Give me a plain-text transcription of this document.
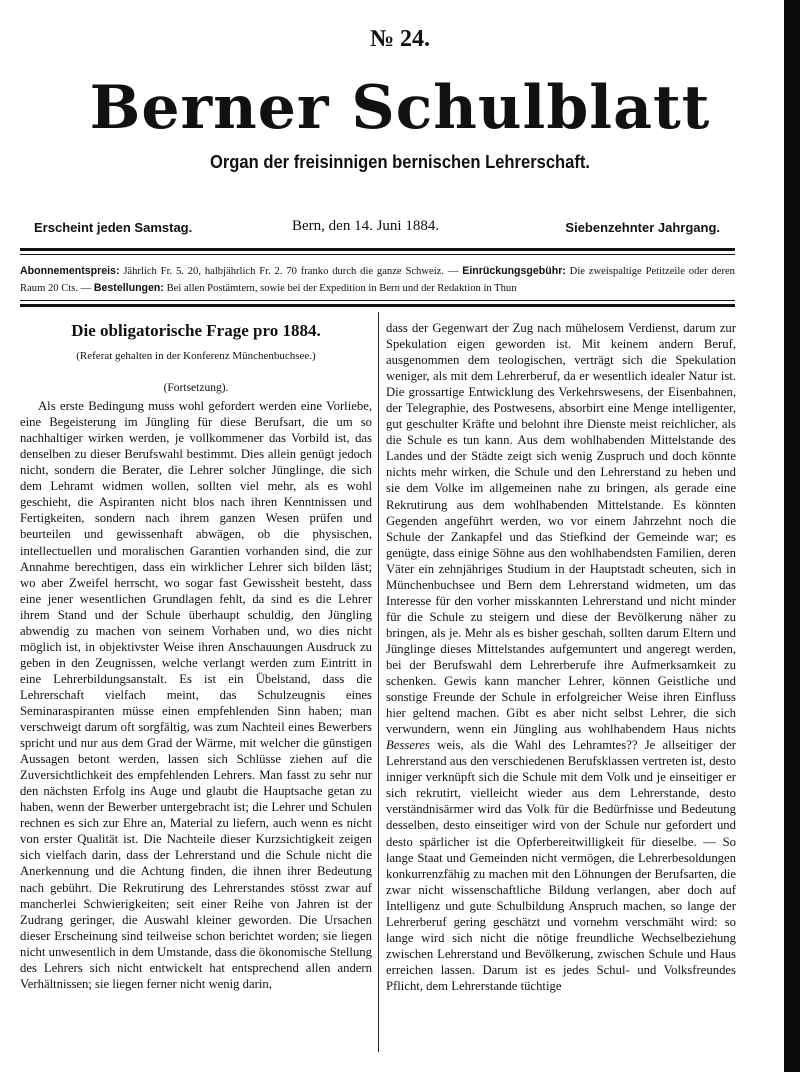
№ 24.
Berner Schulblatt
Organ der freisinnigen bernischen Lehrerschaft.
Erscheint jeden Samstag.	Bern, den 14. Juni 1884.	Siebenzehnter Jahrgang.
Abonnementspreis: Jährlich Fr. 5. 20, halbjährlich Fr. 2. 70 franko durch die ganze Schweiz. — Einrückungsgebühr: Die zweispaltige Petitzeile oder deren Raum 20 Cts. — Bestellungen: Bei allen Postämtern, sowie bei der Expedition in Bern und der Redaktion in Thun

Die obligatorische Frage pro 1884.

(Referat gehalten in der Konferenz Münchenbuchsee.)

(Fortsetzung).

Als erste Bedingung muss wohl gefordert werden eine Vorliebe, eine Begeisterung im Jüngling für diese Berufsart, die um so nachhaltiger wirken werden, je vollkommener das Vorbild ist, das denselben zu dieser Berufswahl bestimmt. Dies allein genügt jedoch nicht, sondern die Berater, die Lehrer solcher Jünglinge, die sich dem Lehramt widmen wollen, sollten viel mehr, als es wohl geschieht, die Aspiranten nicht blos nach ihren Kenntnissen und Fertigkeiten, sondern nach ihrem ganzen Wesen prüfen und beurteilen und gewissenhaft abwägen, ob die physischen, intellectuellen und moralischen Garantien vorhanden sind, die zur Annahme berechtigen, dass ein wirklicher Lehrer sich bilden läst; wo aber Zweifel herrscht, wo sogar fast Gewissheit besteht, dass eine jener wesentlichen Grundlagen fehlt, da sind es die Lehrer ihrem Stand und der Schule überhaupt schuldig, den Jüngling abwendig zu machen von seinem Vorhaben und, wo dies nicht möglich ist, in objektivster Weise ihren Anschauungen Ausdruck zu geben in den Zeugnissen, welche verlangt werden zum Eintritt in eine Lehrerbildungsanstalt. Es ist ein Übelstand, dass die Lehrerschaft vielfach meint, das Schulzeugnis eines Seminaraspiranten müsse einen empfehlenden Sinn haben; man verschweigt darum oft sorgfältig, was zum Nachteil eines Bewerbers spricht und nur aus dem Grad der Wärme, mit welcher die günstigen Aussagen betont werden, lassen sich Schlüsse ziehen auf die Zuversichtlichkeit des empfehlenden Lehrers. Man fasst zu sehr nur den nächsten Erfolg ins Auge und glaubt die Hauptsache getan zu haben, wenn der Bewerber untergebracht ist; die Lehrer und Schulen rechnen es sich zur Ehre an, Material zu liefern, auch wenn es nicht von erster Qualität ist. Die Nachteile dieser Kurzsichtigkeit zeigen sich vielfach darin, dass der Lehrerstand und die Schule nicht die Anerkennung und die Achtung finden, die ihnen ihrer Bedeutung nach gebührt. Die Rekrutirung des Lehrerstandes stösst zwar auf mancherlei Schwierigkeiten; seit einer Reihe von Jahren ist der Zudrang geringer, die Auswahl kleiner geworden. Die Ursachen dieser Erscheinung sind teilweise schon berichtet worden; sie liegen nicht unwesentlich in dem Umstande, dass die ökonomische Stellung des Lehrers sich nicht entwickelt hat entsprechend allen andern Verhältnissen; sie liegen ferner nicht wenig darin,

dass der Gegenwart der Zug nach mühelosem Verdienst, darum zur Spekulation eigen geworden ist. Mit keinem andern Beruf, ausgenommen dem teologischen, verträgt sich die Spekulation weniger, als mit dem Lehrerberuf, da er wesentlich idealer Natur ist. Die grossartige Entwicklung des Verkehrswesens, der Eisenbahnen, der Telegraphie, des Postwesens, absorbirt eine Menge intelligenter, gut geschulter Kräfte und belohnt ihre Dienste meist reichlicher, als die Schule es tun kann. Aus dem wohlhabenden Mittelstande des Landes und der Städte zeigt sich wenig Zuspruch und doch könnte nichts mehr wirken, die Schule und den Lehrerstand zu heben und sie dem Volke im allgemeinen nahe zu bringen, als gerade eine Rekrutirung aus dem wohlhabenden Mittelstande. Es könnten Gegenden angeführt werden, wo vor einem Jahrzehnt noch die Schule der Zankapfel und das Stiefkind der Gemeinde war; es genügte, dass einige Söhne aus den wohlhabendsten Familien, deren Väter ein zehnjähriges Studium in der Hauptstadt scheuten, sich in Münchenbuchsee und Bern dem Lehrerstand widmeten, um das Interesse für den vorher misskannten Lehrerstand und nicht minder für die Schule zu steigern und diese der Bevölkerung näher zu bringen, als je. Mehr als es bisher geschah, sollten darum Eltern und Jünglinge dieses Mittelstandes aufgemuntert und angeregt werden, bei der Berufswahl dem Lehrerberufe ihre Aufmerksamkeit zu schenken. Gewis kann mancher Lehrer, können Geistliche und sonstige Freunde der Schule in erfolgreicher Weise ihren Einfluss hier geltend machen. Gibt es aber nicht selbst Lehrer, die sich verwundern, wenn ein Jüngling aus wohlhabendem Haus nichts Besseres weis, als die Wahl des Lehramtes?? Je allseitiger der Lehrerstand aus den verschiedenen Berufsklassen vertreten ist, desto inniger verknüpft sich die Schule mit dem Volk und je einseitiger er sich rekrutirt, vielleicht wieder aus dem Lehrerstande, desto verständnisärmer wird das Volk für die Bedürfnisse und Bedeutung desselben, desto einseitiger wird von der Schule nur gefordert und desto spärlicher ist die Opferbereitwilligkeit für dieselbe. — So lange Staat und Gemeinden nicht vermögen, die Lehrerbesoldungen konkurrenzfähig zu machen mit den Löhnungen der Berufsarten, die zwar nicht wissenschaftliche Bildung verlangen, aber doch auf Intelligenz und gute Schulbildung Anspruch machen, so lange der Lehrerberuf gering geschätzt und vornehm verschmäht wird: so lange wird sich nicht die nötige freundliche Wechselbeziehung zwischen Lehrerstand und Bevölkerung, zwischen Schule und Haus erreichen lassen. Darum ist es jedes Schul- und Volksfreundes Pflicht, dem Lehrerstande tüchtige
